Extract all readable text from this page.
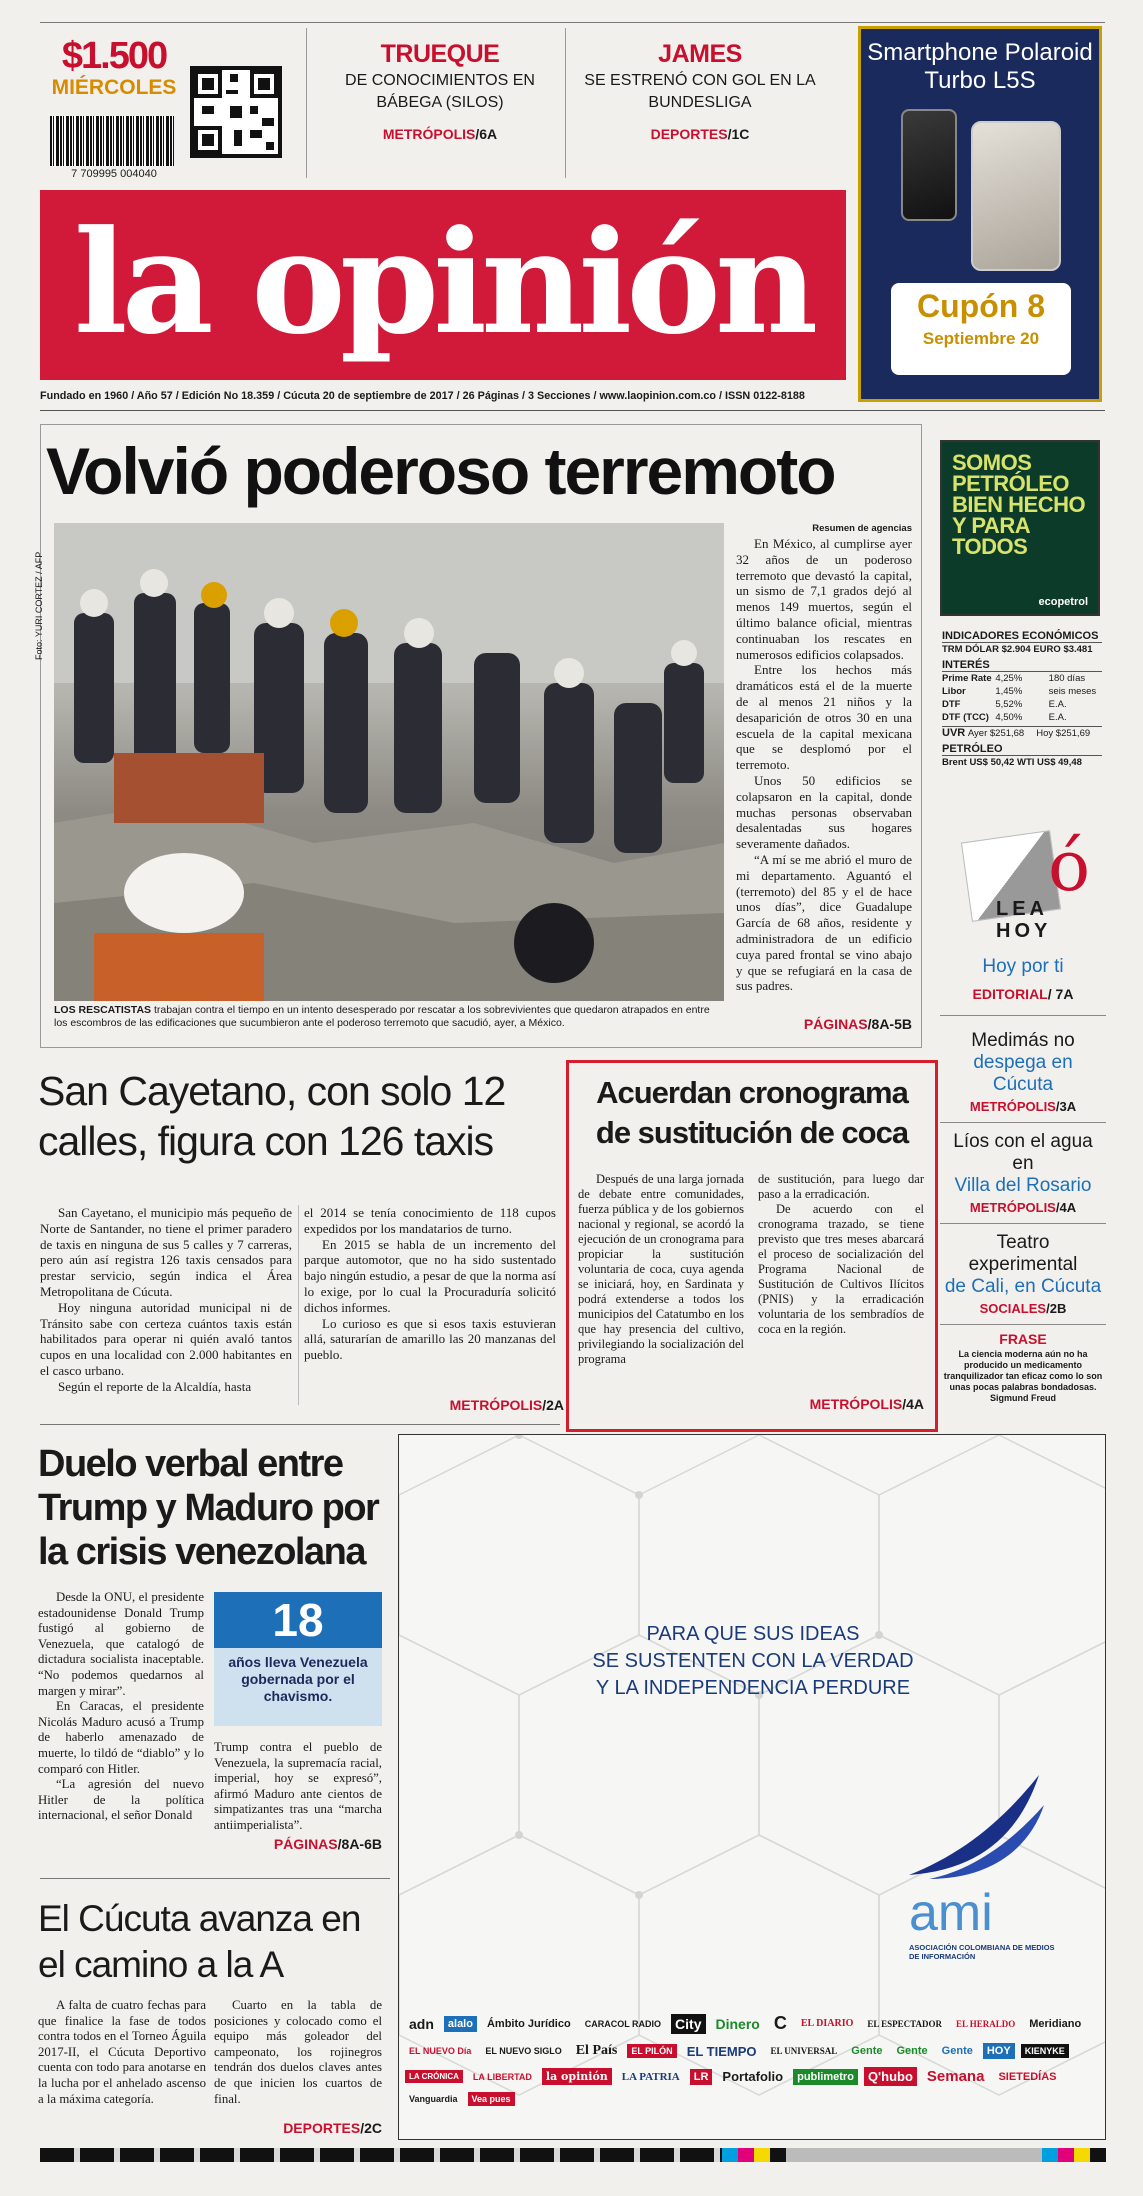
$1.500
MIÉRCOLES
7 709995 004040
TRUEQUE
DE CONOCIMIENTOS EN BÁBEGA (SILOS)
METRÓPOLIS/6A
JAMES
SE ESTRENÓ CON GOL EN LA BUNDESLIGA
DEPORTES/1C
la opinión
Smartphone Polaroid Turbo L5S
Cupón 8
Septiembre 20
Fundado en 1960 / Año 57 / Edición No 18.359 / Cúcuta 20 de septiembre de 2017 / 26 Páginas / 3 Secciones / www.laopinion.com.co / ISSN 0122-8188
Volvió poderoso terremoto
Foto: YURI CORTEZ / AFP
LOS RESCATISTAS trabajan contra el tiempo en un intento desesperado por rescatar a los sobrevivientes que quedaron atrapados en entre los escombros de las edificaciones que sucumbieron ante el poderoso terremoto que sacudió, ayer, a México.
Resumen de agencias

En México, al cumplirse ayer 32 años de un poderoso terremoto que devastó la capital, un sismo de 7,1 grados dejó al menos 149 muertos, según el último balance oficial, mientras continuaban los rescates en numerosos edificios colapsados.

Entre los hechos más dramáticos está el de la muerte de al menos 21 niños y la desaparición de otros 30 en una escuela de la capital mexicana que se desplomó por el terremoto.

Unos 50 edificios se colapsaron en la capital, donde muchas personas observaban desalentadas sus hogares severamente dañados.

“A mí se me abrió el muro de mi departamento. Aguantó el (terremoto) del 85 y el de hace unos días”, dice Guadalupe García de 68 años, residente y administradora de un edificio cuya pared frontal se vino abajo y que se refugiará en la casa de sus padres.

PÁGINAS/8A-5B
SOMOS PETRÓLEO BIEN HECHO Y PARA TODOS
ecopetrol
INDICADORES ECONÓMICOS
TRM DÓLAR
$2.904
EURO
$3.481
INTERÉS
Prime Rate 4,25%	180 días
Libor	1,45%	seis meses
DTF	5,52%	E.A.
DTF (TCC) 4,50%	E.A.
UVR
Ayer $251,68
	Hoy $251,69
PETRÓLEO
Brent US$ 50,42
WTI US$ 49,48
ó
LEA
HOY
Hoy por ti
EDITORIAL/ 7A
Medimás no
despega en Cúcuta
METRÓPOLIS/3A
Líos con el agua en
Villa del Rosario
METRÓPOLIS/4A
Teatro experimental
de Cali, en Cúcuta
SOCIALES/2B
FRASE
La ciencia moderna aún no ha producido un medicamento tranquilizador tan eficaz como lo son unas pocas palabras bondadosas.
Sigmund Freud
San Cayetano, con solo 12 calles, figura con 126 taxis

San Cayetano, el municipio más pequeño de Norte de Santander, no tiene el primer paradero de taxis en ninguna de sus 5 calles y 7 carreras, pero aún así registra 126 taxis censados para prestar servicio, según indica el Área Metropolitana de Cúcuta.

Hoy ninguna autoridad municipal ni de Tránsito sabe con certeza cuántos taxis están habilitados para operar ni quién avaló tantos cupos en una localidad con 2.000 habitantes en el casco urbano.

Según el reporte de la Alcaldía, hasta

el 2014 se tenía conocimiento de 118 cupos expedidos por los mandatarios de turno.

En 2015 se habla de un incremento del parque automotor, que no ha sido sustentado bajo ningún estudio, a pesar de que la norma así lo exige, por lo cual la Procuraduría solicitó dichos informes.

Lo curioso es que si esos taxis estuvieran allá, saturarían de amarillo las 20 manzanas del pueblo.

METRÓPOLIS/2A
Acuerdan cronograma de sustitución de coca

Después de una larga jornada de debate entre comunidades, fuerza pública y de los gobiernos nacional y regional, se acordó la ejecución de un cronograma para propiciar la sustitución voluntaria de coca, cuya agenda se iniciará, hoy, en Sardinata y podrá extenderse a todos los municipios del Catatumbo en los que hay presencia del cultivo, privilegiando la socialización del programa

de sustitución, para luego dar paso a la erradicación.

De acuerdo con el cronograma trazado, se tiene previsto que tres meses abarcará el proceso de socialización del Programa Nacional de Sustitución de Cultivos Ilícitos (PNIS) y la erradicación voluntaria de los sembradíos de coca en la región.

METRÓPOLIS/4A
Duelo verbal entre Trump y Maduro por la crisis venezolana

Desde la ONU, el presidente estadounidense Donald Trump fustigó al gobierno de Venezuela, que catalogó de dictadura socialista inaceptable. “No podemos quedarnos al margen y mirar”.

En Caracas, el presidente Nicolás Maduro acusó a Trump de haberlo amenazado de muerte, lo tildó de “diablo” y lo comparó con Hitler.

“La agresión del nuevo Hitler de la política internacional, el señor Donald

18
años lleva Venezuela gobernada por el chavismo.

Trump contra el pueblo de Venezuela, la supremacía racial, imperial, hoy se expresó”, afirmó Maduro ante cientos de simpatizantes tras una “marcha antiimperialista”.

PÁGINAS/8A-6B
El Cúcuta avanza en el camino a la A

A falta de cuatro fechas para que finalice la fase de todos contra todos en el Torneo Águila 2017-II, el Cúcuta Deportivo cuenta con todo para anotarse en la lucha por el anhelado ascenso a la máxima categoría.

Cuarto en la tabla de posiciones y colocado como el equipo más goleador del campeonato, los rojinegros tendrán dos duelos claves antes de que inicien los cuartos de final.

DEPORTES/2C
PARA QUE SUS IDEAS
SE SUSTENTEN CON LA VERDAD
Y LA INDEPENDENCIA PERDURE
ami
ASOCIACIÓN COLOMBIANA DE MEDIOS DE INFORMACIÓN
adn	alalo	Ámbito Jurídico	CARACOL RADIO City Dinero C	EL DIARIO	EL ESPECTADOR	EL HERALDO	Meridiano
EL NUEVO Día	EL NUEVO SIGLO El País	EL PILÓN	EL TIEMPO	EL UNIVERSAL	Gente	Gente	Gente	HOY	KIENYKE
LA CRÓNICA	LA LIBERTAD	la opinión	LA PATRIA	LR	Portafolio	publimetro	Q'hubo Semana	SIETEDÍAS
Vanguardia	Vea pues
